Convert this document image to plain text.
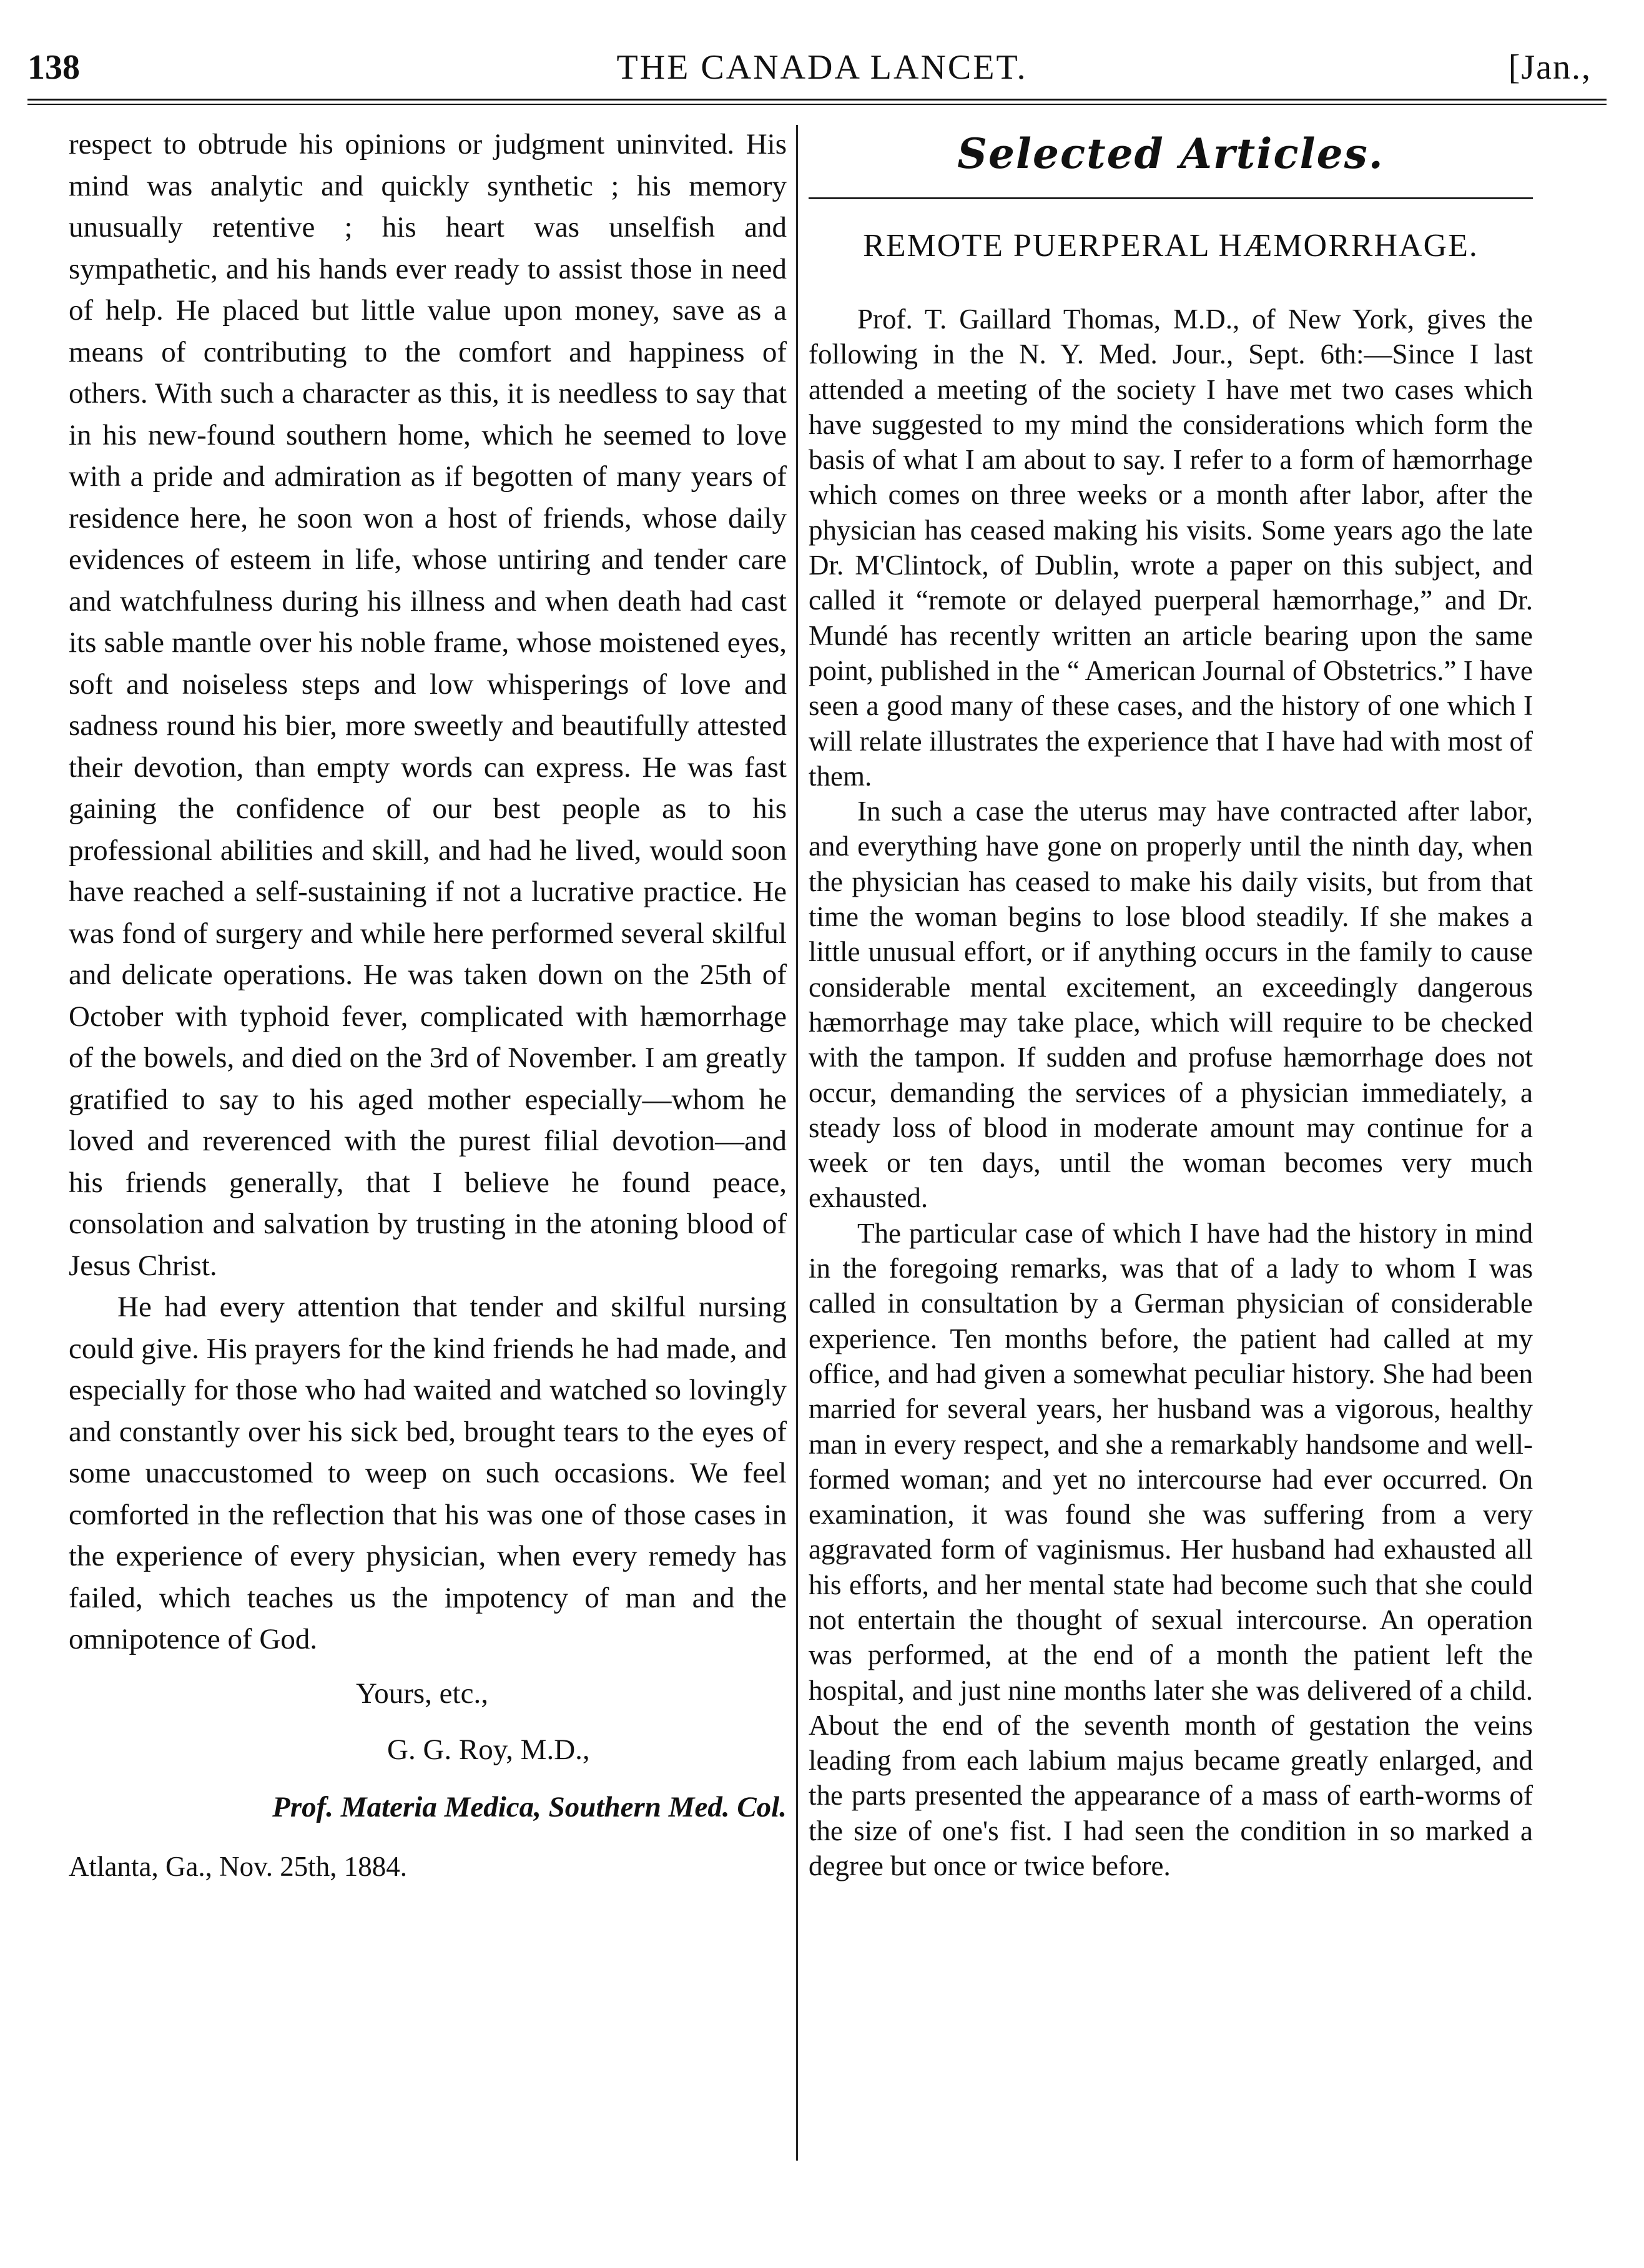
138	THE CANADA LANCET.	[Jan.,

respect to obtrude his opinions or judgment uninvited. His mind was analytic and quickly synthetic ; his memory unusually retentive ; his heart was unselfish and sympathetic, and his hands ever ready to assist those in need of help. He placed but little value upon money, save as a means of contributing to the comfort and happiness of others. With such a character as this, it is needless to say that in his new-found southern home, which he seemed to love with a pride and admiration as if begotten of many years of residence here, he soon won a host of friends, whose daily evidences of esteem in life, whose untiring and tender care and watchfulness during his illness and when death had cast its sable mantle over his noble frame, whose moistened eyes, soft and noiseless steps and low whisperings of love and sadness round his bier, more sweetly and beautifully attested their devotion, than empty words can express. He was fast gaining the confidence of our best people as to his professional abilities and skill, and had he lived, would soon have reached a self-sustaining if not a lucrative practice. He was fond of surgery and while here performed several skilful and delicate operations. He was taken down on the 25th of October with typhoid fever, complicated with hæmorrhage of the bowels, and died on the 3rd of November. I am greatly gratified to say to his aged mother especially—whom he loved and reverenced with the purest filial devotion—and his friends generally, that I believe he found peace, consolation and salvation by trusting in the atoning blood of Jesus Christ.

He had every attention that tender and skilful nursing could give. His prayers for the kind friends he had made, and especially for those who had waited and watched so lovingly and constantly over his sick bed, brought tears to the eyes of some unaccustomed to weep on such occasions. We feel comforted in the reflection that his was one of those cases in the experience of every physician, when every remedy has failed, which teaches us the impotency of man and the omnipotence of God.

Yours, etc.,
G. G. Roy, M.D.,
Prof. Materia Medica, Southern Med. Col.
Atlanta, Ga., Nov. 25th, 1884.
Selected Articles.
REMOTE PUERPERAL HÆMORRHAGE.

Prof. T. Gaillard Thomas, M.D., of New York, gives the following in the N. Y. Med. Jour., Sept. 6th:—Since I last attended a meeting of the society I have met two cases which have suggested to my mind the considerations which form the basis of what I am about to say. I refer to a form of hæmorrhage which comes on three weeks or a month after labor, after the physician has ceased making his visits. Some years ago the late Dr. M'Clintock, of Dublin, wrote a paper on this subject, and called it “remote or delayed puerperal hæmorrhage,” and Dr. Mundé has recently written an article bearing upon the same point, published in the “ American Journal of Obstetrics.” I have seen a good many of these cases, and the history of one which I will relate illustrates the experience that I have had with most of them.

In such a case the uterus may have contracted after labor, and everything have gone on properly until the ninth day, when the physician has ceased to make his daily visits, but from that time the woman begins to lose blood steadily. If she makes a little unusual effort, or if anything occurs in the family to cause considerable mental excitement, an exceedingly dangerous hæmorrhage may take place, which will require to be checked with the tampon. If sudden and profuse hæmorrhage does not occur, demanding the services of a physician immediately, a steady loss of blood in moderate amount may continue for a week or ten days, until the woman becomes very much exhausted.

The particular case of which I have had the history in mind in the foregoing remarks, was that of a lady to whom I was called in consultation by a German physician of considerable experience. Ten months before, the patient had called at my office, and had given a somewhat peculiar history. She had been married for several years, her husband was a vigorous, healthy man in every respect, and she a remarkably handsome and well-formed woman; and yet no intercourse had ever occurred. On examination, it was found she was suffering from a very aggravated form of vaginismus. Her husband had exhausted all his efforts, and her mental state had become such that she could not entertain the thought of sexual intercourse. An operation was performed, at the end of a month the patient left the hospital, and just nine months later she was delivered of a child. About the end of the seventh month of gestation the veins leading from each labium majus became greatly enlarged, and the parts presented the appearance of a mass of earth-worms of the size of one's fist. I had seen the condition in so marked a degree but once or twice before.
